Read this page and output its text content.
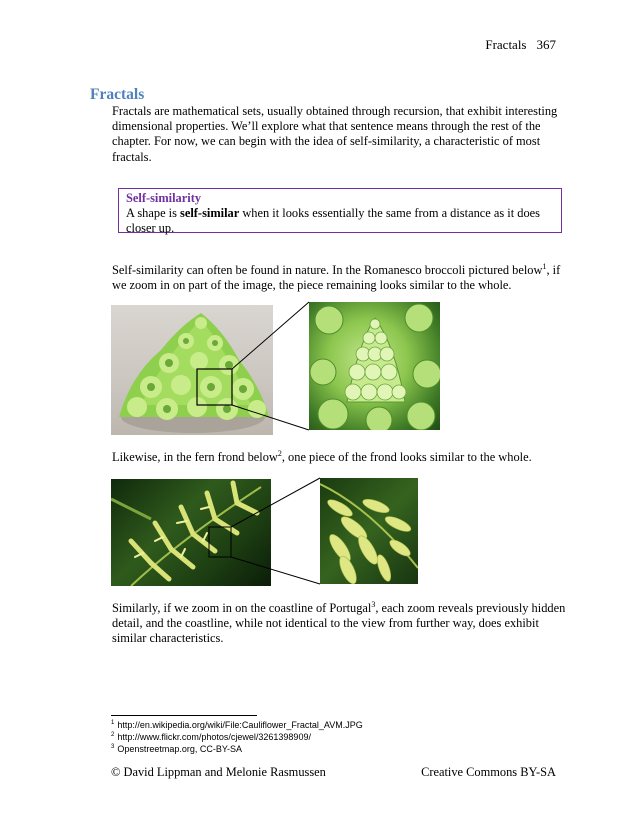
Fractals 367
Fractals
Fractals are mathematical sets, usually obtained through recursion, that exhibit interesting dimensional properties. We’ll explore what that sentence means through the rest of the chapter. For now, we can begin with the idea of self-similarity, a characteristic of most fractals.
Self-similarity
A shape is self-similar when it looks essentially the same from a distance as it does closer up.
Self-similarity can often be found in nature. In the Romanesco broccoli pictured below$^1$, if we zoom in on part of the image, the piece remaining looks similar to the whole.
Likewise, in the fern frond below$^2$, one piece of the frond looks similar to the whole.
Similarly, if we zoom in on the coastline of Portugal$^3$, each zoom reveals previously hidden detail, and the coastline, while not identical to the view from further way, does exhibit similar characteristics.
$^1$ http://en.wikipedia.org/wiki/File:Cauliflower_Fractal_AVM.JPG
$^2$ http://www.flickr.com/photos/cjewel/3261398909/
$^3$ Openstreetmap.org, CC-BY-SA
© David Lippman and Melonie Rasmussen	Creative Commons BY-SA
